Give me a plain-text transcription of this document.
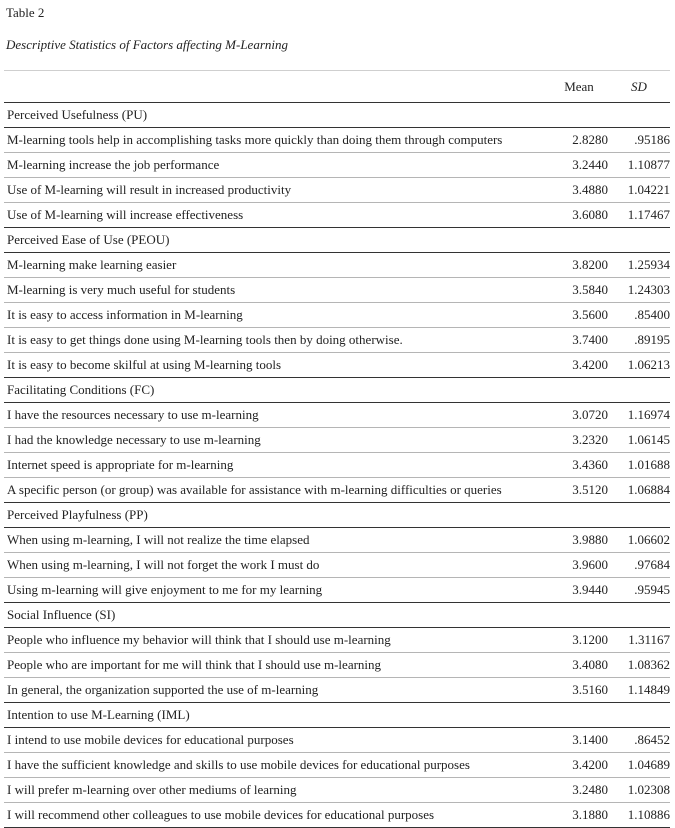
Table 2
Descriptive Statistics of Factors affecting M-Learning
	Mean	SD
Perceived Usefulness (PU)		
M-learning tools help in accomplishing tasks more quickly than doing them through computers	2.8280	.95186
M-learning increase the job performance	3.2440	1.10877
Use of M-learning will result in increased productivity	3.4880	1.04221
Use of M-learning will increase effectiveness	3.6080	1.17467
Perceived Ease of Use (PEOU)		
M-learning make learning easier	3.8200	1.25934
M-learning is very much useful for students	3.5840	1.24303
It is easy to access information in M-learning	3.5600	.85400
It is easy to get things done using M-learning tools then by doing otherwise.	3.7400	.89195
It is easy to become skilful at using M-learning tools	3.4200	1.06213
Facilitating Conditions (FC)		
I have the resources necessary to use m-learning	3.0720	1.16974
I had the knowledge necessary to use m-learning	3.2320	1.06145
Internet speed is appropriate for m-learning	3.4360	1.01688
A specific person (or group) was available for assistance with m-learning difficulties or queries	3.5120	1.06884
Perceived Playfulness (PP)		
When using m-learning, I will not realize the time elapsed	3.9880	1.06602
When using m-learning, I will not forget the work I must do	3.9600	.97684
Using m-learning will give enjoyment to me for my learning	3.9440	.95945
Social Influence (SI)		
People who influence my behavior will think that I should use m-learning	3.1200	1.31167
People who are important for me will think that I should use m-learning	3.4080	1.08362
In general, the organization supported the use of m-learning	3.5160	1.14849
Intention to use M-Learning (IML)		
I intend to use mobile devices for educational purposes	3.1400	.86452
I have the sufficient knowledge and skills to use mobile devices for educational purposes	3.4200	1.04689
I will prefer m-learning over other mediums of learning	3.2480	1.02308
I will recommend other colleagues to use mobile devices for educational purposes	3.1880	1.10886
